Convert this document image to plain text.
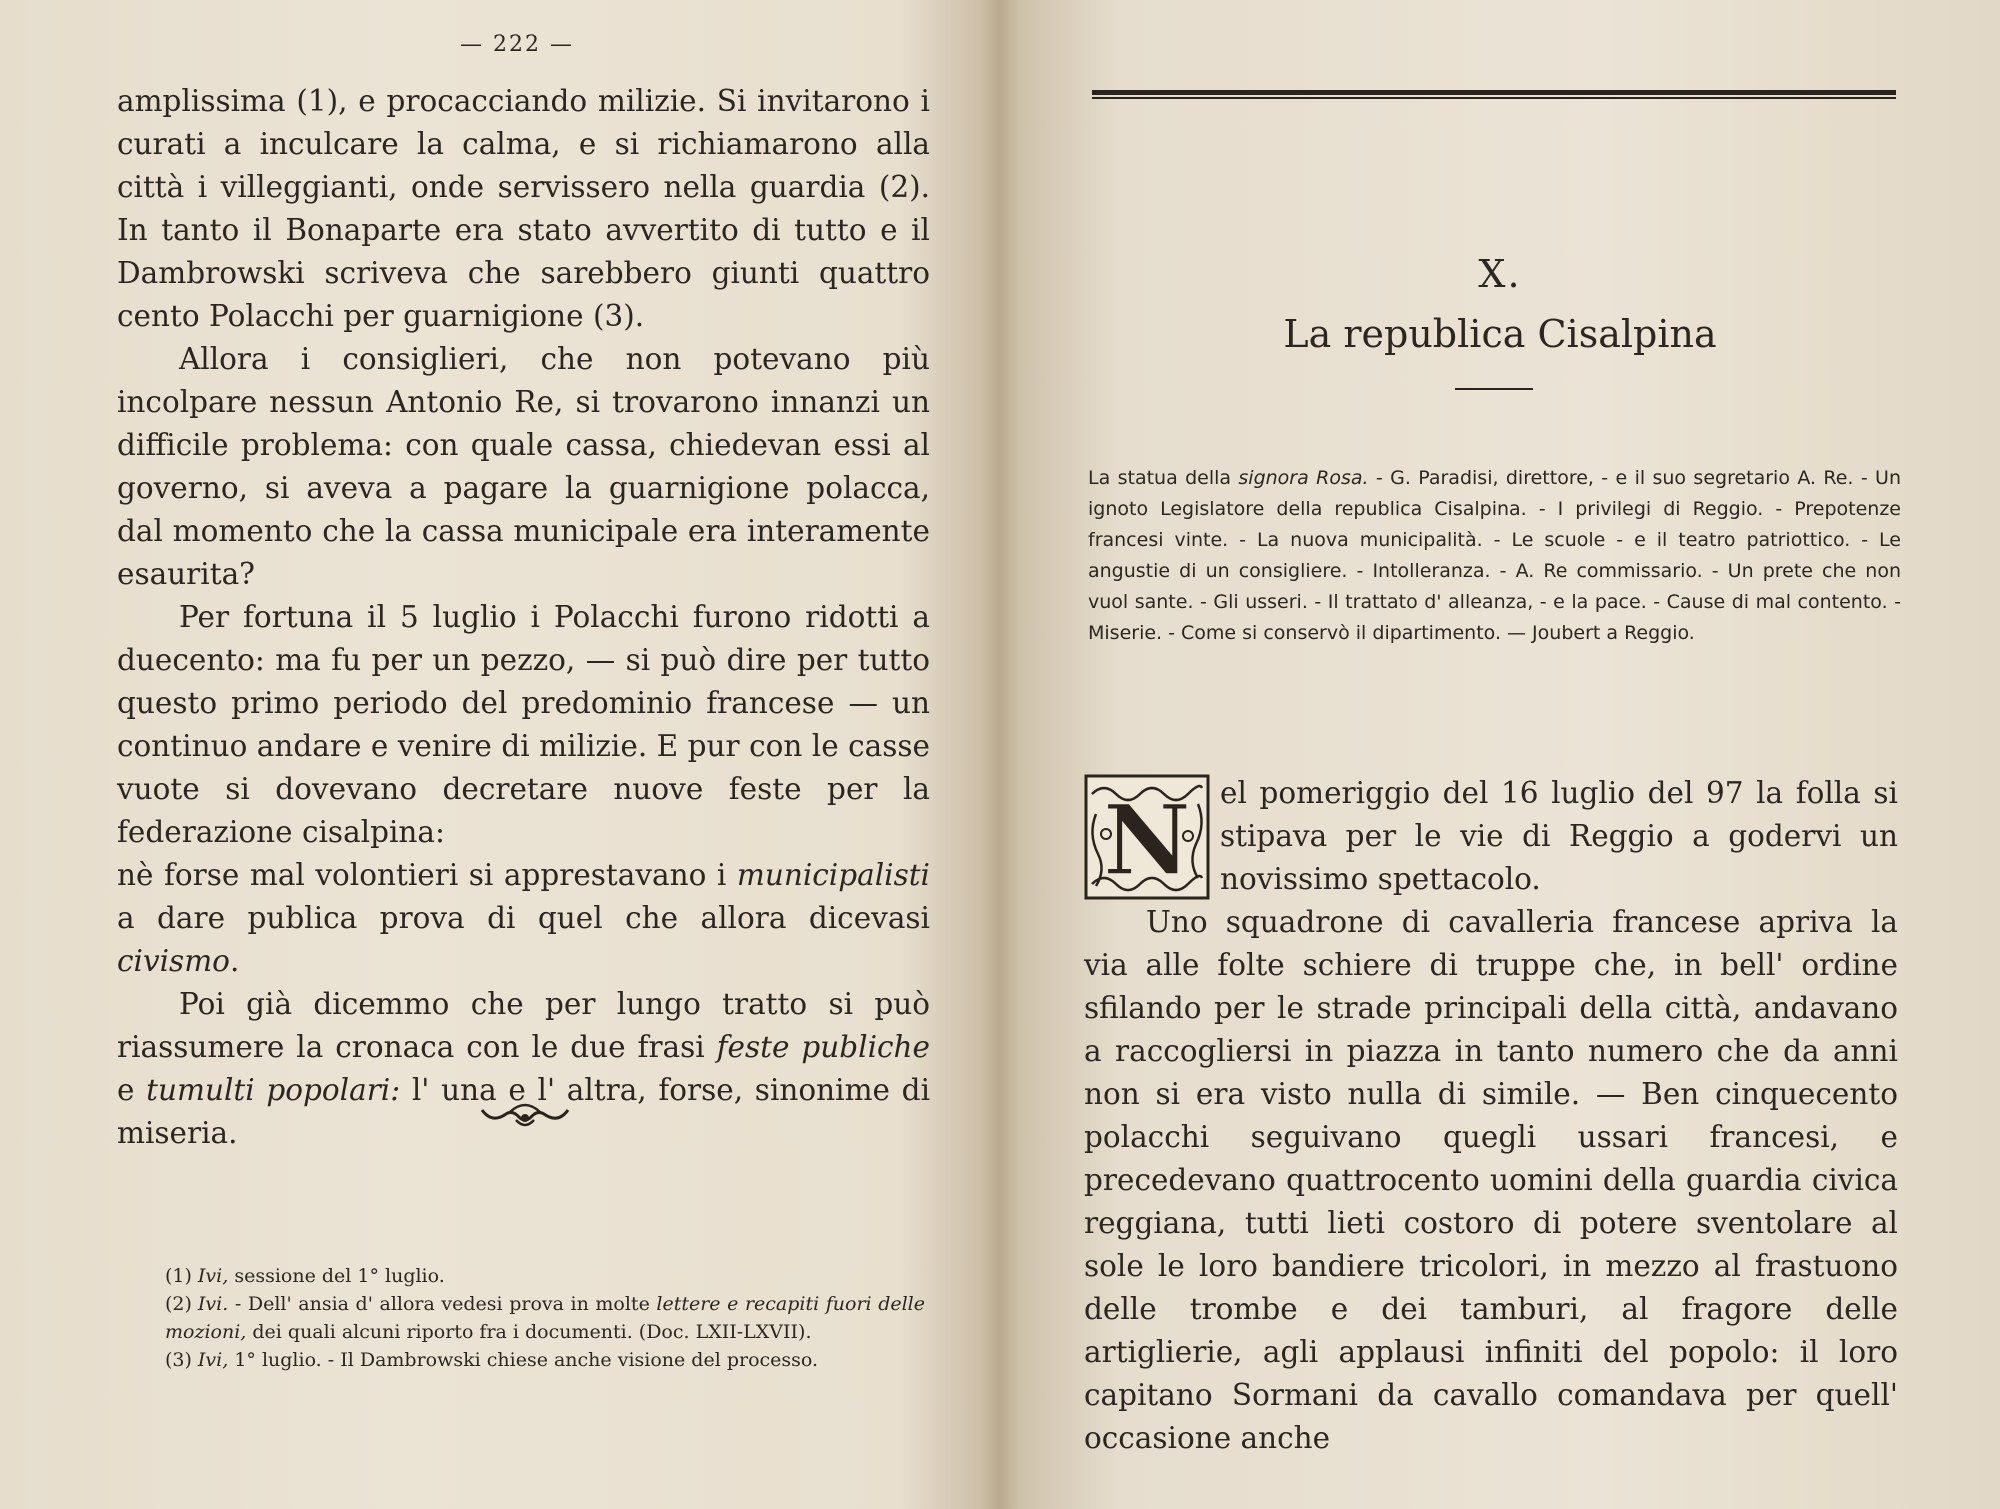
— 222 —

amplissima (1), e procacciando milizie. Si invitarono i curati a inculcare la calma, e si richiamarono alla città i villeggianti, onde servissero nella guardia (2). In tanto il Bonaparte era stato avvertito di tutto e il Dambrowski scriveva che sarebbero giunti quattro cento Polacchi per guarnigione (3).

Allora i consiglieri, che non potevano più incolpare nessun Antonio Re, si trovarono innanzi un difficile problema: con quale cassa, chiedevan essi al governo, si aveva a pagare la guarnigione polacca, dal momento che la cassa municipale era interamente esaurita?

Per fortuna il 5 luglio i Polacchi furono ridotti a duecento: ma fu per un pezzo, — si può dire per tutto questo primo periodo del predominio francese — un continuo andare e venire di milizie. E pur con le casse vuote si dovevano decretare nuove feste per la federazione cisalpina:

nè forse mal volontieri si apprestavano i municipalisti a dare publica prova di quel che allora dicevasi civismo.

Poi già dicemmo che per lungo tratto si può riassumere la cronaca con le due frasi feste publiche e tumulti popolari: l' una e l' altra, forse, sinonime di miseria.

(1) Ivi, sessione del 1° luglio.

(2) Ivi. - Dell' ansia d' allora vedesi prova in molte lettere e recapiti fuori delle mozioni, dei quali alcuni riporto fra i documenti. (Doc. LXII-LXVII).

(3) Ivi, 1° luglio. - Il Dambrowski chiese anche visione del processo.

X.
La republica Cisalpina

La statua della signora Rosa. - G. Paradisi, direttore, - e il suo segretario A. Re. - Un ignoto Legislatore della republica Cisalpina. - I privilegi di Reggio. - Prepotenze francesi vinte. - La nuova municipalità. - Le scuole - e il teatro patriottico. - Le angustie di un consigliere. - Intolleranza. - A. Re commissario. - Un prete che non vuol sante. - Gli usseri. - Il trattato d' alleanza, - e la pace. - Cause di mal contento. - Miserie. - Come si conservò il dipartimento. — Joubert a Reggio.

N el pomeriggio del 16 luglio del 97 la folla si stipava per le vie di Reggio a godervi un novissimo spettacolo.

Uno squadrone di cavalleria francese apriva la via alle folte schiere di truppe che, in bell' ordine sfilando per le strade principali della città, andavano a raccogliersi in piazza in tanto numero che da anni non si era visto nulla di simile. — Ben cinquecento polacchi seguivano quegli ussari francesi, e precedevano quattrocento uomini della guardia civica reggiana, tutti lieti costoro di potere sventolare al sole le loro bandiere tricolori, in mezzo al frastuono delle trombe e dei tamburi, al fragore delle artiglierie, agli applausi infiniti del popolo: il loro capitano Sormani da cavallo comandava per quell' occasione anche
